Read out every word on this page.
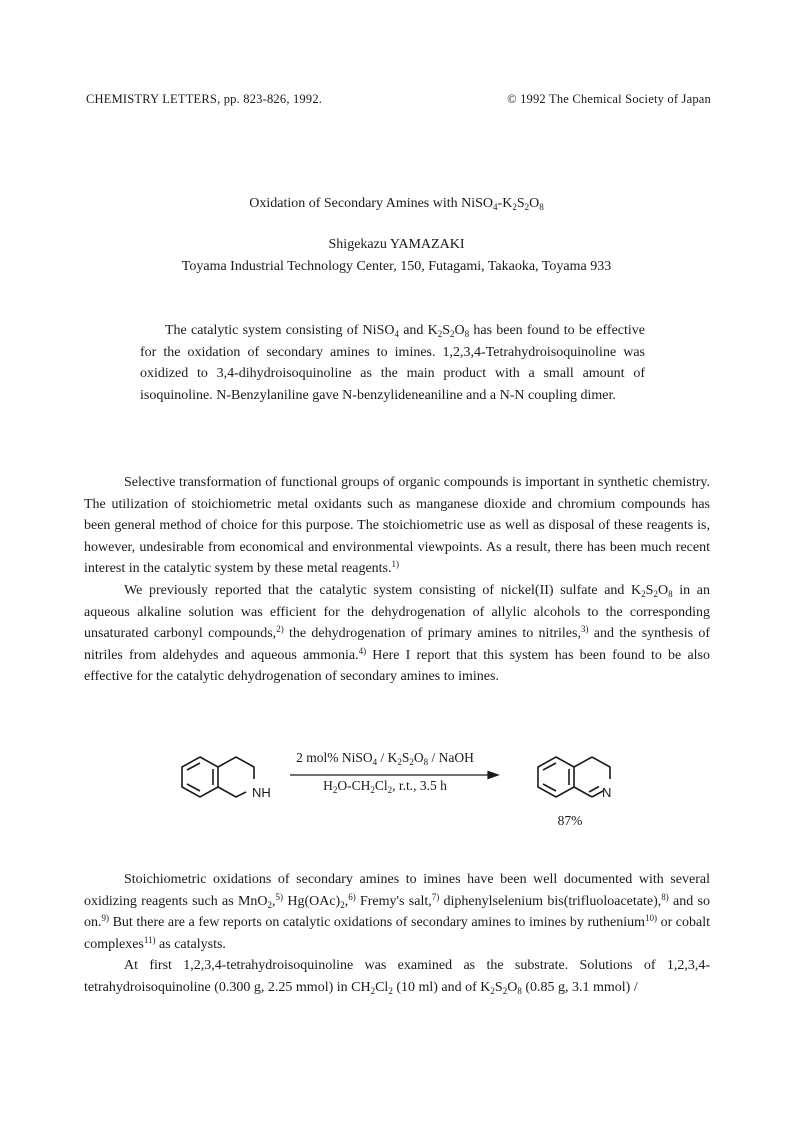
CHEMISTRY LETTERS, pp. 823-826, 1992.	© 1992 The Chemical Society of Japan
Oxidation of Secondary Amines with $NiSO_4-K_2S_2O_8$
Shigekazu YAMAZAKI
Toyama Industrial Technology Center, 150, Futagami, Takaoka, Toyama 933

The catalytic system consisting of NiSO$_4$ and $K_2S_2O_8$ has been found to be effective for the oxidation of secondary amines to imines. 1,2,3,4-Tetrahydroisoquinoline was oxidized to 3,4-dihydroisoquinoline as the main product with a small amount of isoquinoline. N-Benzylaniline gave N-benzylideneaniline and a N-N coupling dimer.

Selective transformation of functional groups of organic compounds is important in synthetic chemistry. The utilization of stoichiometric metal oxidants such as manganese dioxide and chromium compounds has been general method of choice for this purpose. The stoichiometric use as well as disposal of these reagents is, however, undesirable from economical and environmental viewpoints. As a result, there has been much recent interest in the catalytic system by these metal reagents.$^{1)}$

We previously reported that the catalytic system consisting of nickel(II) sulfate and $K_2S_2O_8$ in an aqueous alkaline solution was efficient for the dehydrogenation of allylic alcohols to the corresponding unsaturated carbonyl compounds,$^{2)}$ the dehydrogenation of primary amines to nitriles,$^{3)}$ and the synthesis of nitriles from aldehydes and aqueous ammonia.$^{4)}$ Here I report that this system has been found to be also effective for the catalytic dehydrogenation of secondary amines to imines.

NH	N
2 mol% NiSO$_4$ / $K_2S_2O_8$ / NaOH
$H_2O-CH_2Cl_2$, r.t., 3.5 h
87%

Stoichiometric oxidations of secondary amines to imines have been well documented with several oxidizing reagents such as MnO$_2$,$^{5)}$ $Hg(OAc)_2,^{6)}$ Fremy's salt,$^{7)}$ diphenylselenium bis(trifluoloacetate),$^{8)}$ and so on.$^{9)}$ But there are a few reports on catalytic oxidations of secondary amines to imines by ruthenium$^{10)}$ or cobalt complexes$^{11)}$ as catalysts.

At first 1,2,3,4-tetrahydroisoquinoline was examined as the substrate. Solutions of 1,2,3,4-tetrahydroisoquinoline (0.300 g, 2.25 mmol) in $CH_2Cl_2$ (10 ml) and of $K_2S_2O_8$ (0.85 g, 3.1 mmol) /
